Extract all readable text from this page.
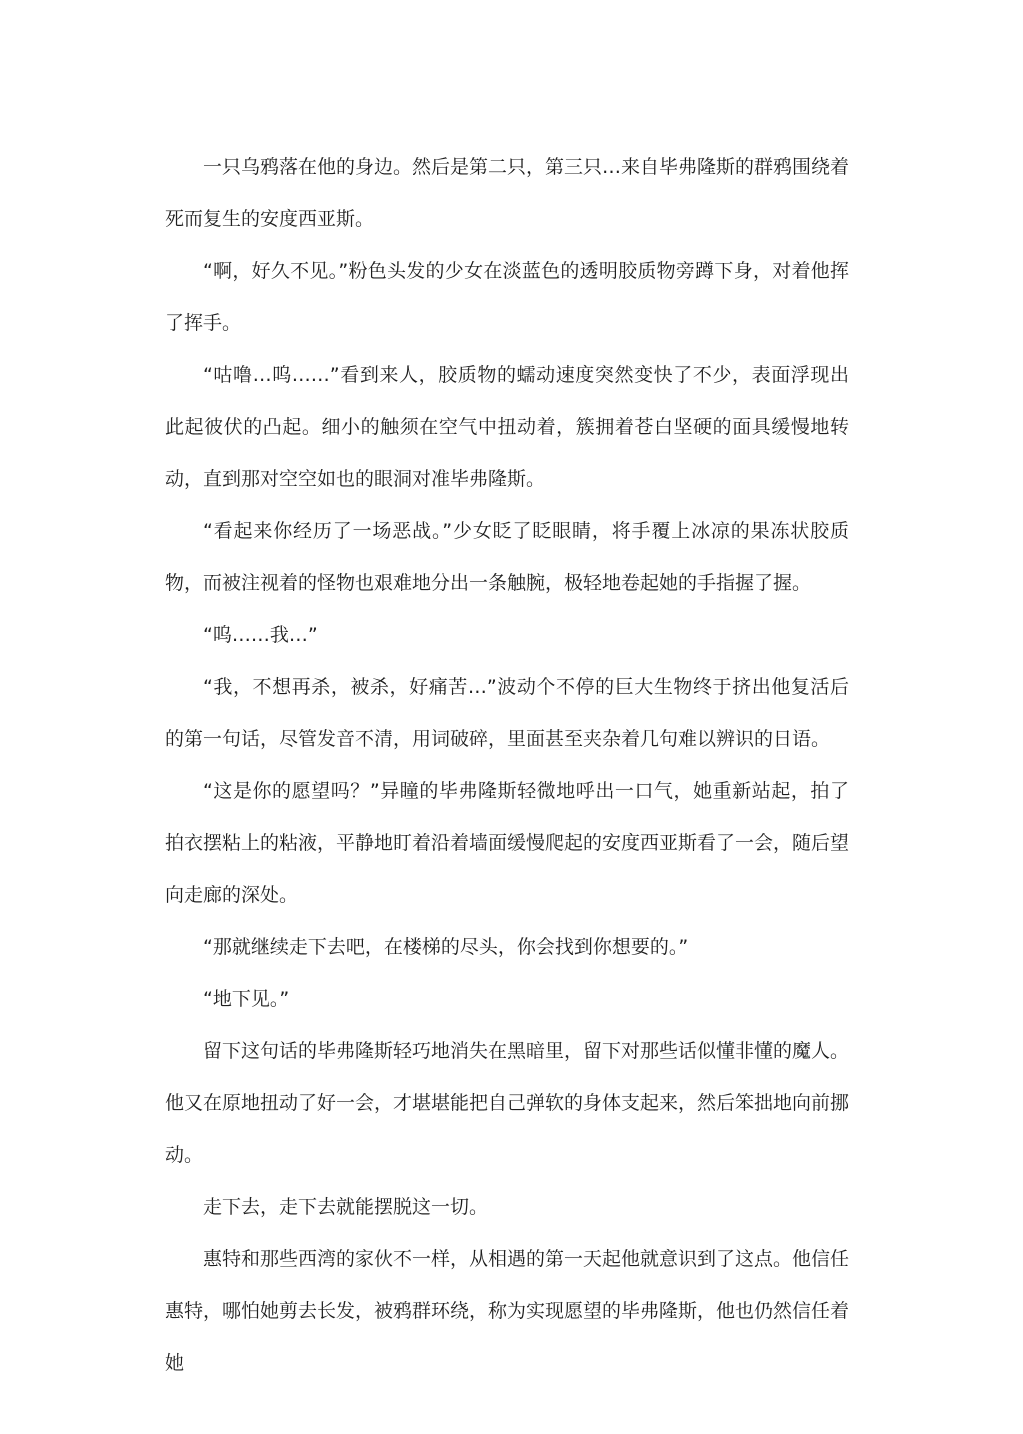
一只乌鸦落在他的身边。然后是第二只，第三只…来自毕弗隆斯的群鸦围绕着死而复生的安度西亚斯。

“啊，好久不见。”粉色头发的少女在淡蓝色的透明胶质物旁蹲下身，对着他挥了挥手。

“咕噜…呜……”看到来人，胶质物的蠕动速度突然变快了不少，表面浮现出此起彼伏的凸起。细小的触须在空气中扭动着，簇拥着苍白坚硬的面具缓慢地转动，直到那对空空如也的眼洞对准毕弗隆斯。

“看起来你经历了一场恶战。”少女眨了眨眼睛，将手覆上冰凉的果冻状胶质物，而被注视着的怪物也艰难地分出一条触腕，极轻地卷起她的手指握了握。

“呜……我…”

“我，不想再杀，被杀，好痛苦…”波动个不停的巨大生物终于挤出他复活后的第一句话，尽管发音不清，用词破碎，里面甚至夹杂着几句难以辨识的日语。

“这是你的愿望吗？”异瞳的毕弗隆斯轻微地呼出一口气，她重新站起，拍了拍衣摆粘上的粘液，平静地盯着沿着墙面缓慢爬起的安度西亚斯看了一会，随后望向走廊的深处。

“那就继续走下去吧，在楼梯的尽头，你会找到你想要的。”

“地下见。”

留下这句话的毕弗隆斯轻巧地消失在黑暗里，留下对那些话似懂非懂的魔人。他又在原地扭动了好一会，才堪堪能把自己弹软的身体支起来，然后笨拙地向前挪动。

走下去，走下去就能摆脱这一切。

惠特和那些西湾的家伙不一样，从相遇的第一天起他就意识到了这点。他信任惠特，哪怕她剪去长发，被鸦群环绕，称为实现愿望的毕弗隆斯，他也仍然信任着她
